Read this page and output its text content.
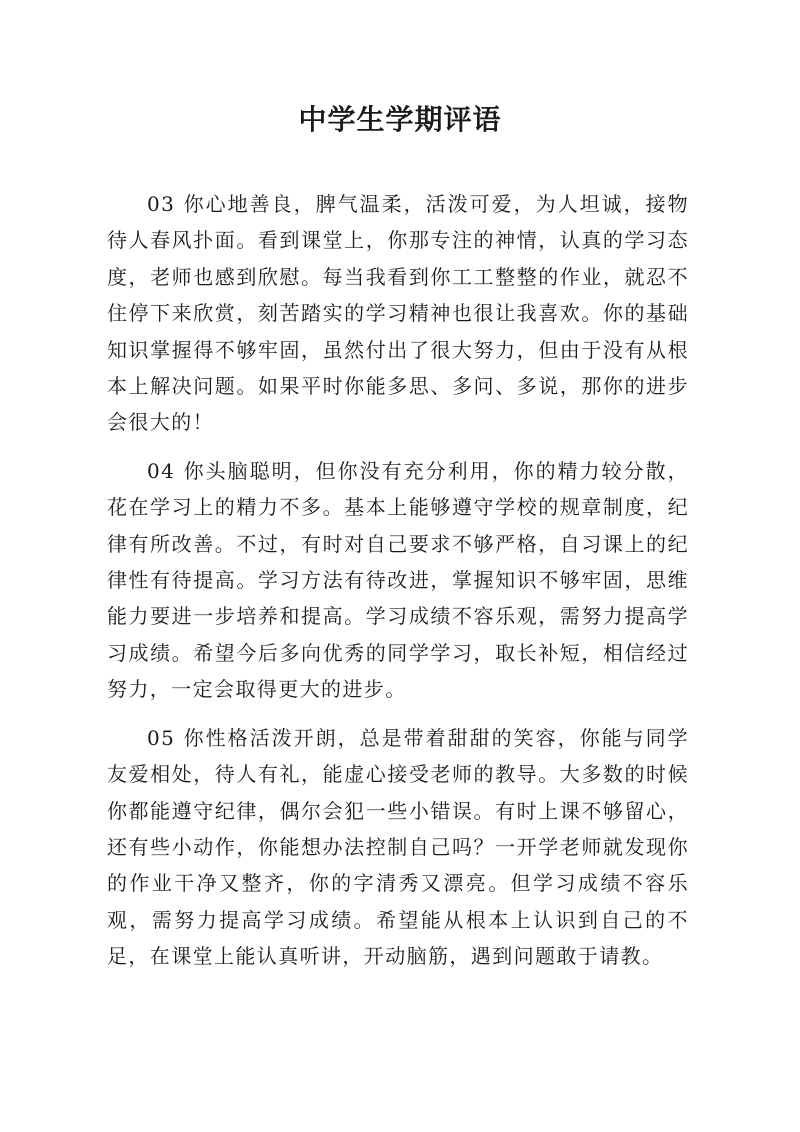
中学生学期评语

03 你心地善良，脾气温柔，活泼可爱，为人坦诚，接物待人春风扑面。看到课堂上，你那专注的神情，认真的学习态度，老师也感到欣慰。每当我看到你工工整整的作业，就忍不住停下来欣赏，刻苦踏实的学习精神也很让我喜欢。你的基础知识掌握得不够牢固，虽然付出了很大努力，但由于没有从根本上解决问题。如果平时你能多思、多问、多说，那你的进步会很大的！

04 你头脑聪明，但你没有充分利用，你的精力较分散，花在学习上的精力不多。基本上能够遵守学校的规章制度，纪律有所改善。不过，有时对自己要求不够严格，自习课上的纪律性有待提高。学习方法有待改进，掌握知识不够牢固，思维能力要进一步培养和提高。学习成绩不容乐观，需努力提高学习成绩。希望今后多向优秀的同学学习，取长补短，相信经过努力，一定会取得更大的进步。

05 你性格活泼开朗，总是带着甜甜的笑容，你能与同学友爱相处，待人有礼，能虚心接受老师的教导。大多数的时候你都能遵守纪律，偶尔会犯一些小错误。有时上课不够留心，还有些小动作，你能想办法控制自己吗？一开学老师就发现你的作业干净又整齐，你的字清秀又漂亮。但学习成绩不容乐观，需努力提高学习成绩。希望能从根本上认识到自己的不足，在课堂上能认真听讲，开动脑筋，遇到问题敢于请教。
